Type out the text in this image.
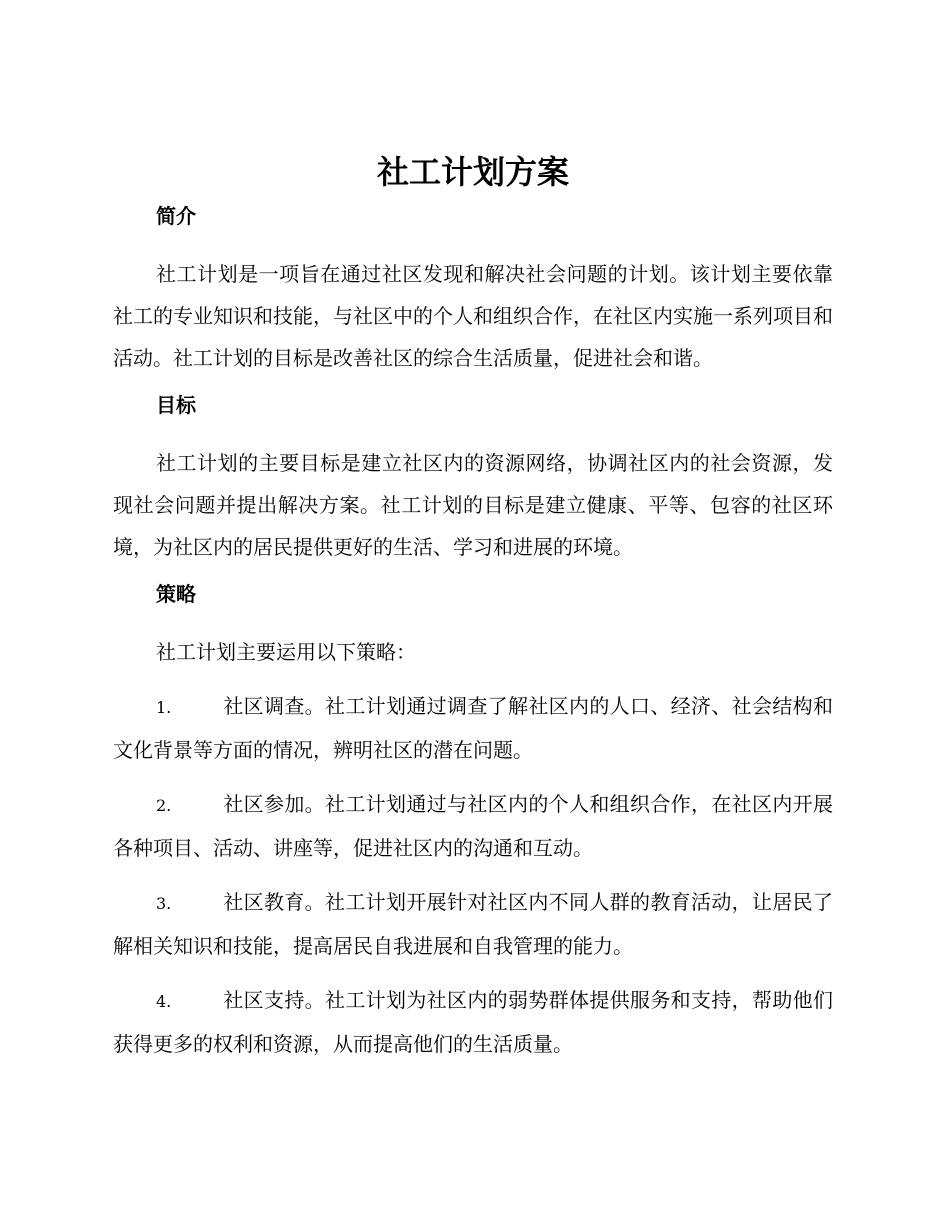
社工计划方案
简介

社工计划是一项旨在通过社区发现和解决社会问题的计划。该计划主要依靠社工的专业知识和技能，与社区中的个人和组织合作，在社区内实施一系列项目和活动。社工计划的目标是改善社区的综合生活质量，促进社会和谐。

目标

社工计划的主要目标是建立社区内的资源网络，协调社区内的社会资源，发现社会问题并提出解决方案。社工计划的目标是建立健康、平等、包容的社区环境，为社区内的居民提供更好的生活、学习和进展的环境。

策略

社工计划主要运用以下策略：

1.	社区调查。社工计划通过调查了解社区内的人口、经济、社会结构和文化背景等方面的情况，辨明社区的潜在问题。

2.	社区参加。社工计划通过与社区内的个人和组织合作，在社区内开展各种项目、活动、讲座等，促进社区内的沟通和互动。

3.	社区教育。社工计划开展针对社区内不同人群的教育活动，让居民了解相关知识和技能，提高居民自我进展和自我管理的能力。

4.	社区支持。社工计划为社区内的弱势群体提供服务和支持，帮助他们获得更多的权利和资源，从而提高他们的生活质量。
